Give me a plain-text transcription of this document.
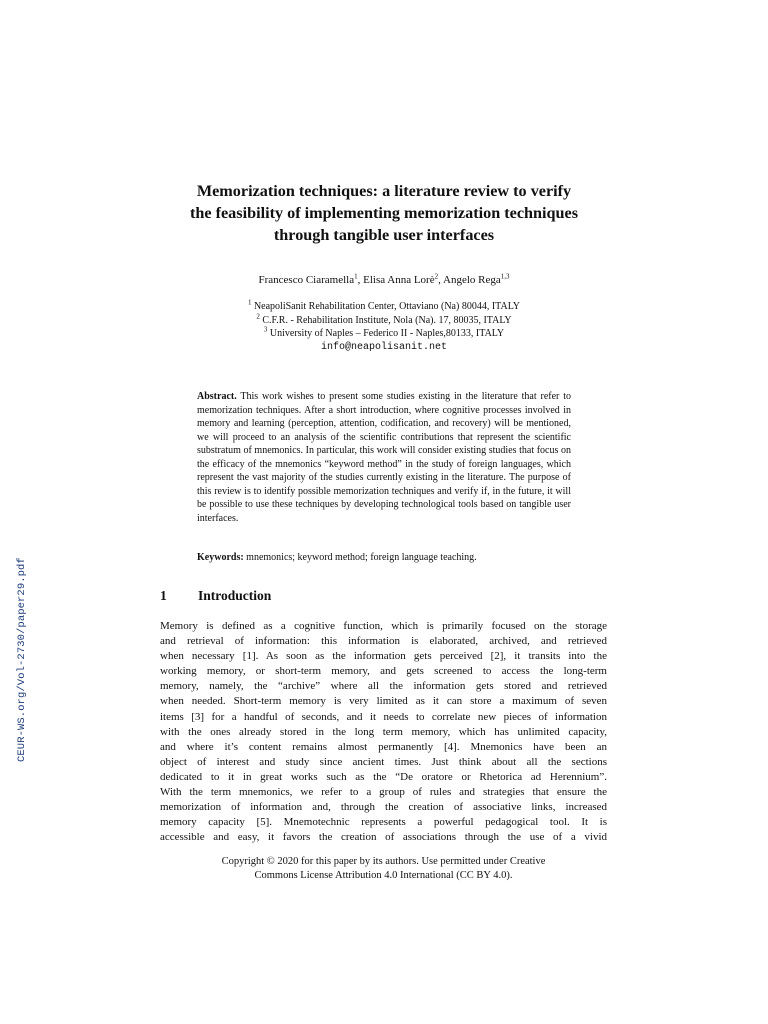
CEUR-WS.org/Vol-2730/paper29.pdf
Memorization techniques: a literature review to verify
the feasibility of implementing memorization techniques
through tangible user interfaces
Francesco Ciaramella$^1$, Elisa Anna Lorè$^2$, Angelo Rega$^{1,3}$
$^1$ NeapoliSanit Rehabilitation Center, Ottaviano (Na) 80044, ITALY
$^2$ C.F.R. - Rehabilitation Institute, Nola (Na). 17, 80035, ITALY
$^3$ University of Naples – Federico II - Naples,80133, ITALY
info@neapolisanit.net
Abstract. This work wishes to present some studies existing in the literature that refer to memorization techniques. After a short introduction, where cognitive processes involved in memory and learning (perception, attention, codification, and recovery) will be mentioned, we will proceed to an analysis of the scientific contributions that represent the scientific substratum of mnemonics. In particular, this work will consider existing studies that focus on the efficacy of the mnemonics “keyword method” in the study of foreign languages, which represent the vast majority of the studies currently existing in the literature. The purpose of this review is to identify possible memorization techniques and verify if, in the future, it will be possible to use these techniques by developing technological tools based on tangible user interfaces.
Keywords: mnemonics; keyword method; foreign language teaching.
1 Introduction
Memory is defined as a cognitive function, which is primarily focused on the storage
and retrieval of information: this information is elaborated, archived, and retrieved
when necessary [1]. As soon as the information gets perceived [2], it transits into the
working memory, or short-term memory, and gets screened to access the long-term
memory, namely, the “archive” where all the information gets stored and retrieved
when needed. Short-term memory is very limited as it can store a maximum of seven
items [3] for a handful of seconds, and it needs to correlate new pieces of information
with the ones already stored in the long term memory, which has unlimited capacity,
and where it’s content remains almost permanently [4]. Mnemonics have been an
object of interest and study since ancient times. Just think about all the sections
dedicated to it in great works such as the “De oratore or Rhetorica ad Herennium”.
With the term mnemonics, we refer to a group of rules and strategies that ensure the
memorization of information and, through the creation of associative links, increased
memory capacity [5]. Mnemotechnic represents a powerful pedagogical tool. It is
accessible and easy, it favors the creation of associations through the use of a vivid
Copyright © 2020 for this paper by its authors. Use permitted under Creative
Commons License Attribution 4.0 International (CC BY 4.0).
